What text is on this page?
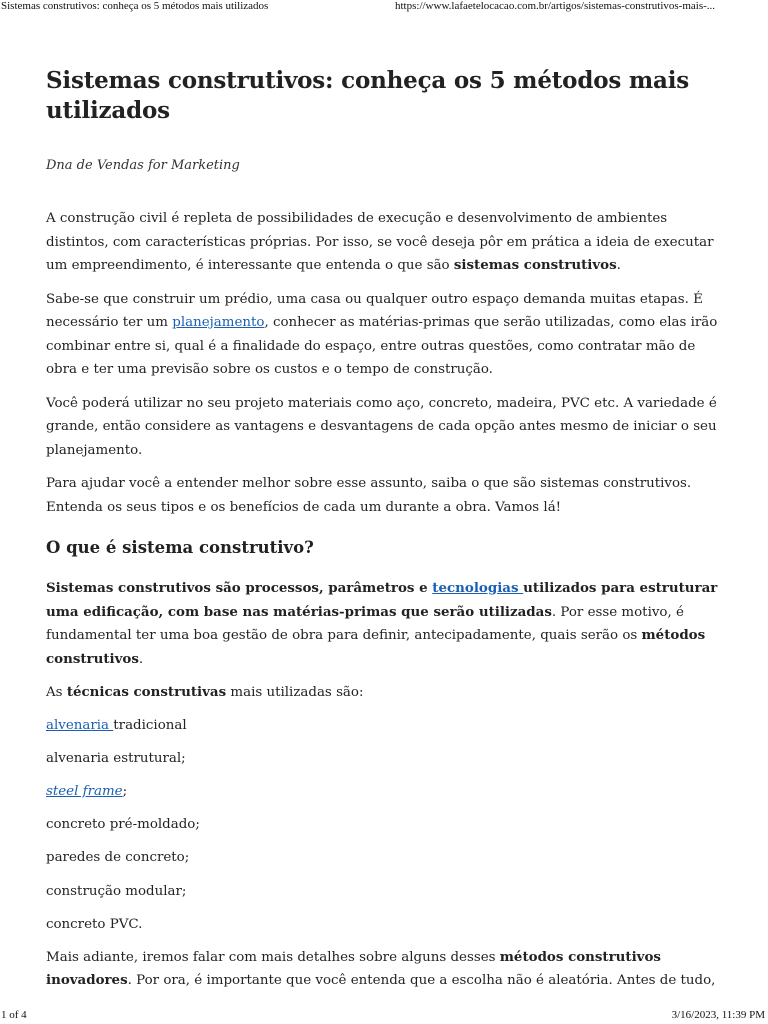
Sistemas construtivos: conheça os 5 métodos mais utilizados	https://www.lafaetelocacao.com.br/artigos/sistemas-construtivos-mais-...
Sistemas construtivos: conheça os 5 métodos mais utilizados
Dna de Vendas for Marketing

A construção civil é repleta de possibilidades de execução e desenvolvimento de ambientes distintos, com características próprias. Por isso, se você deseja pôr em prática a ideia de executar um empreendimento, é interessante que entenda o que são sistemas construtivos.

Sabe-se que construir um prédio, uma casa ou qualquer outro espaço demanda muitas etapas. É necessário ter um planejamento, conhecer as matérias-primas que serão utilizadas, como elas irão combinar entre si, qual é a finalidade do espaço, entre outras questões, como contratar mão de obra e ter uma previsão sobre os custos e o tempo de construção.

Você poderá utilizar no seu projeto materiais como aço, concreto, madeira, PVC etc. A variedade é grande, então considere as vantagens e desvantagens de cada opção antes mesmo de iniciar o seu planejamento.

Para ajudar você a entender melhor sobre esse assunto, saiba o que são sistemas construtivos. Entenda os seus tipos e os benefícios de cada um durante a obra. Vamos lá!

O que é sistema construtivo?

Sistemas construtivos são processos, parâmetros e tecnologias utilizados para estruturar uma edificação, com base nas matérias-primas que serão utilizadas. Por esse motivo, é fundamental ter uma boa gestão de obra para definir, antecipadamente, quais serão os métodos construtivos.

As técnicas construtivas mais utilizadas são:

alvenaria tradicional

alvenaria estrutural;

steel frame;

concreto pré-moldado;

paredes de concreto;

construção modular;

concreto PVC.

Mais adiante, iremos falar com mais detalhes sobre alguns desses métodos construtivos inovadores. Por ora, é importante que você entenda que a escolha não é aleatória. Antes de tudo,

1 of 4	3/16/2023, 11:39 PM
